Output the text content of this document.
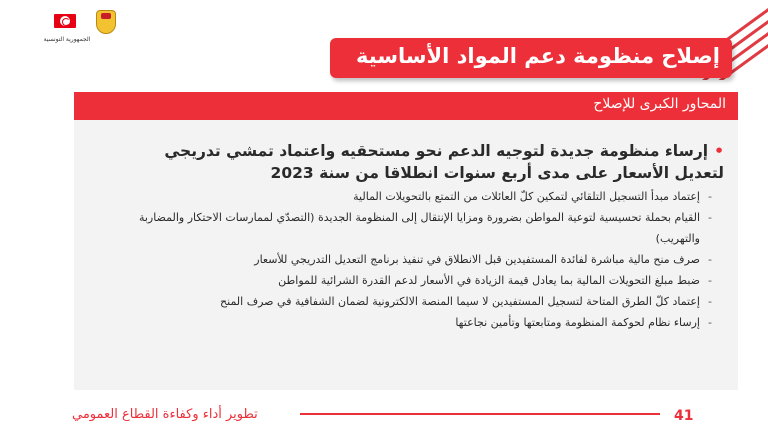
الجمهورية التونسية
إصلاح منظومة دعم المواد الأساسية
المحاور الكبرى للإصلاح
•إرساء منظومة جديدة لتوجيه الدعم نحو مستحقيه واعتماد تمشي تدريجي لتعديل الأسعار على مدى أربع سنوات انطلاقا من سنة 2023
-
إعتماد مبدأ التسجيل التلقائي لتمكين كلّ العائلات من التمتع بالتحويلات المالية
-
القيام بحملة تحسيسية لتوعية المواطن بضرورة ومزايا الإنتقال إلى المنظومة الجديدة (التصدّي لممارسات الاحتكار والمضاربة والتهريب)
-
صرف منح مالية مباشرة لفائدة المستفيدين قبل الانطلاق في تنفيذ برنامج التعديل التدريجي للأسعار
-
ضبط مبلغ التحويلات المالية بما يعادل قيمة الزيادة في الأسعار لدعم القدرة الشرائية للمواطن
-
إعتماد كلّ الطرق المتاحة لتسجيل المستفيدين لا سيما المنصة الالكترونية لضمان الشفافية في صرف المنح
-
إرساء نظام لحوكمة المنظومة ومتابعتها وتأمين نجاعتها
41
تطوير أداء وكفاءة القطاع العمومي
